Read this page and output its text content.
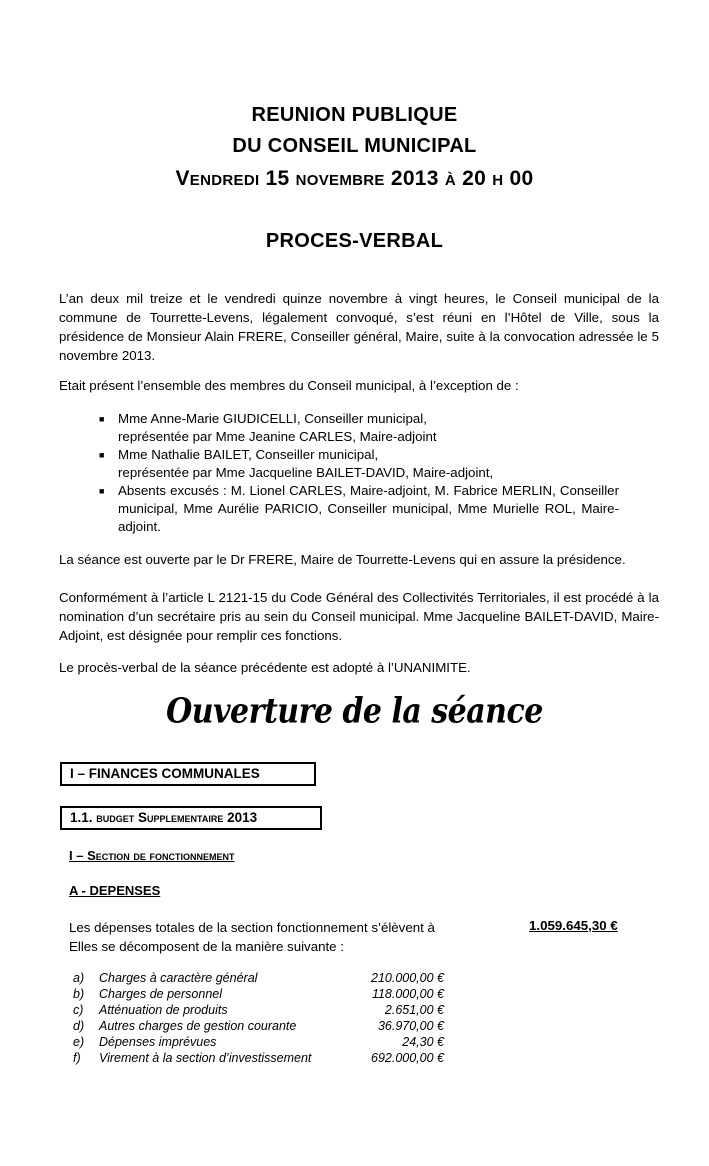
REUNION PUBLIQUE
DU CONSEIL MUNICIPAL
Vendredi 15 novembre 2013 à 20 h 00
PROCES-VERBAL
L’an deux mil treize et le vendredi quinze novembre à vingt heures, le Conseil municipal de la commune de Tourrette-Levens, légalement convoqué, s’est réuni en l’Hôtel de Ville, sous la présidence de Monsieur Alain FRERE, Conseiller général, Maire, suite à la convocation adressée le 5 novembre 2013.
Etait présent l’ensemble des membres du Conseil municipal, à l’exception de :
■ Mme Anne-Marie GIUDICELLI, Conseiller municipal,
représentée par Mme Jeanine CARLES, Maire-adjoint
■ Mme Nathalie BAILET, Conseiller municipal,
représentée par Mme Jacqueline BAILET-DAVID, Maire-adjoint,
■ Absents excusés : M. Lionel CARLES, Maire-adjoint, M. Fabrice MERLIN, Conseiller municipal, Mme Aurélie PARICIO, Conseiller municipal, Mme Murielle ROL, Maire-adjoint.
La séance est ouverte par le Dr FRERE, Maire de Tourrette-Levens qui en assure la présidence.
Conformément à l’article L 2121-15 du Code Général des Collectivités Territoriales, il est procédé à la nomination d’un secrétaire pris au sein du Conseil municipal. Mme Jacqueline BAILET-DAVID, Maire-Adjoint, est désignée pour remplir ces fonctions.
Le procès-verbal de la séance précédente est adopté à l’UNANIMITE.
Ouverture de la séance
I – FINANCES COMMUNALES
1.1. budget Supplementaire 2013
I – Section de fonctionnement
A - DEPENSES
Les dépenses totales de la section fonctionnement s’élèvent à
Elles se décomposent de la manière suivante :
1.059.645,30 €
a)	Charges à caractère général	210.000,00 €
b)	Charges de personnel	118.000,00 €
c)	Atténuation de produits	2.651,00 €
d)	Autres charges de gestion courante	36.970,00 €
e)	Dépenses imprévues	24,30 €
f)	Virement à la section d’investissement	692.000,00 €
